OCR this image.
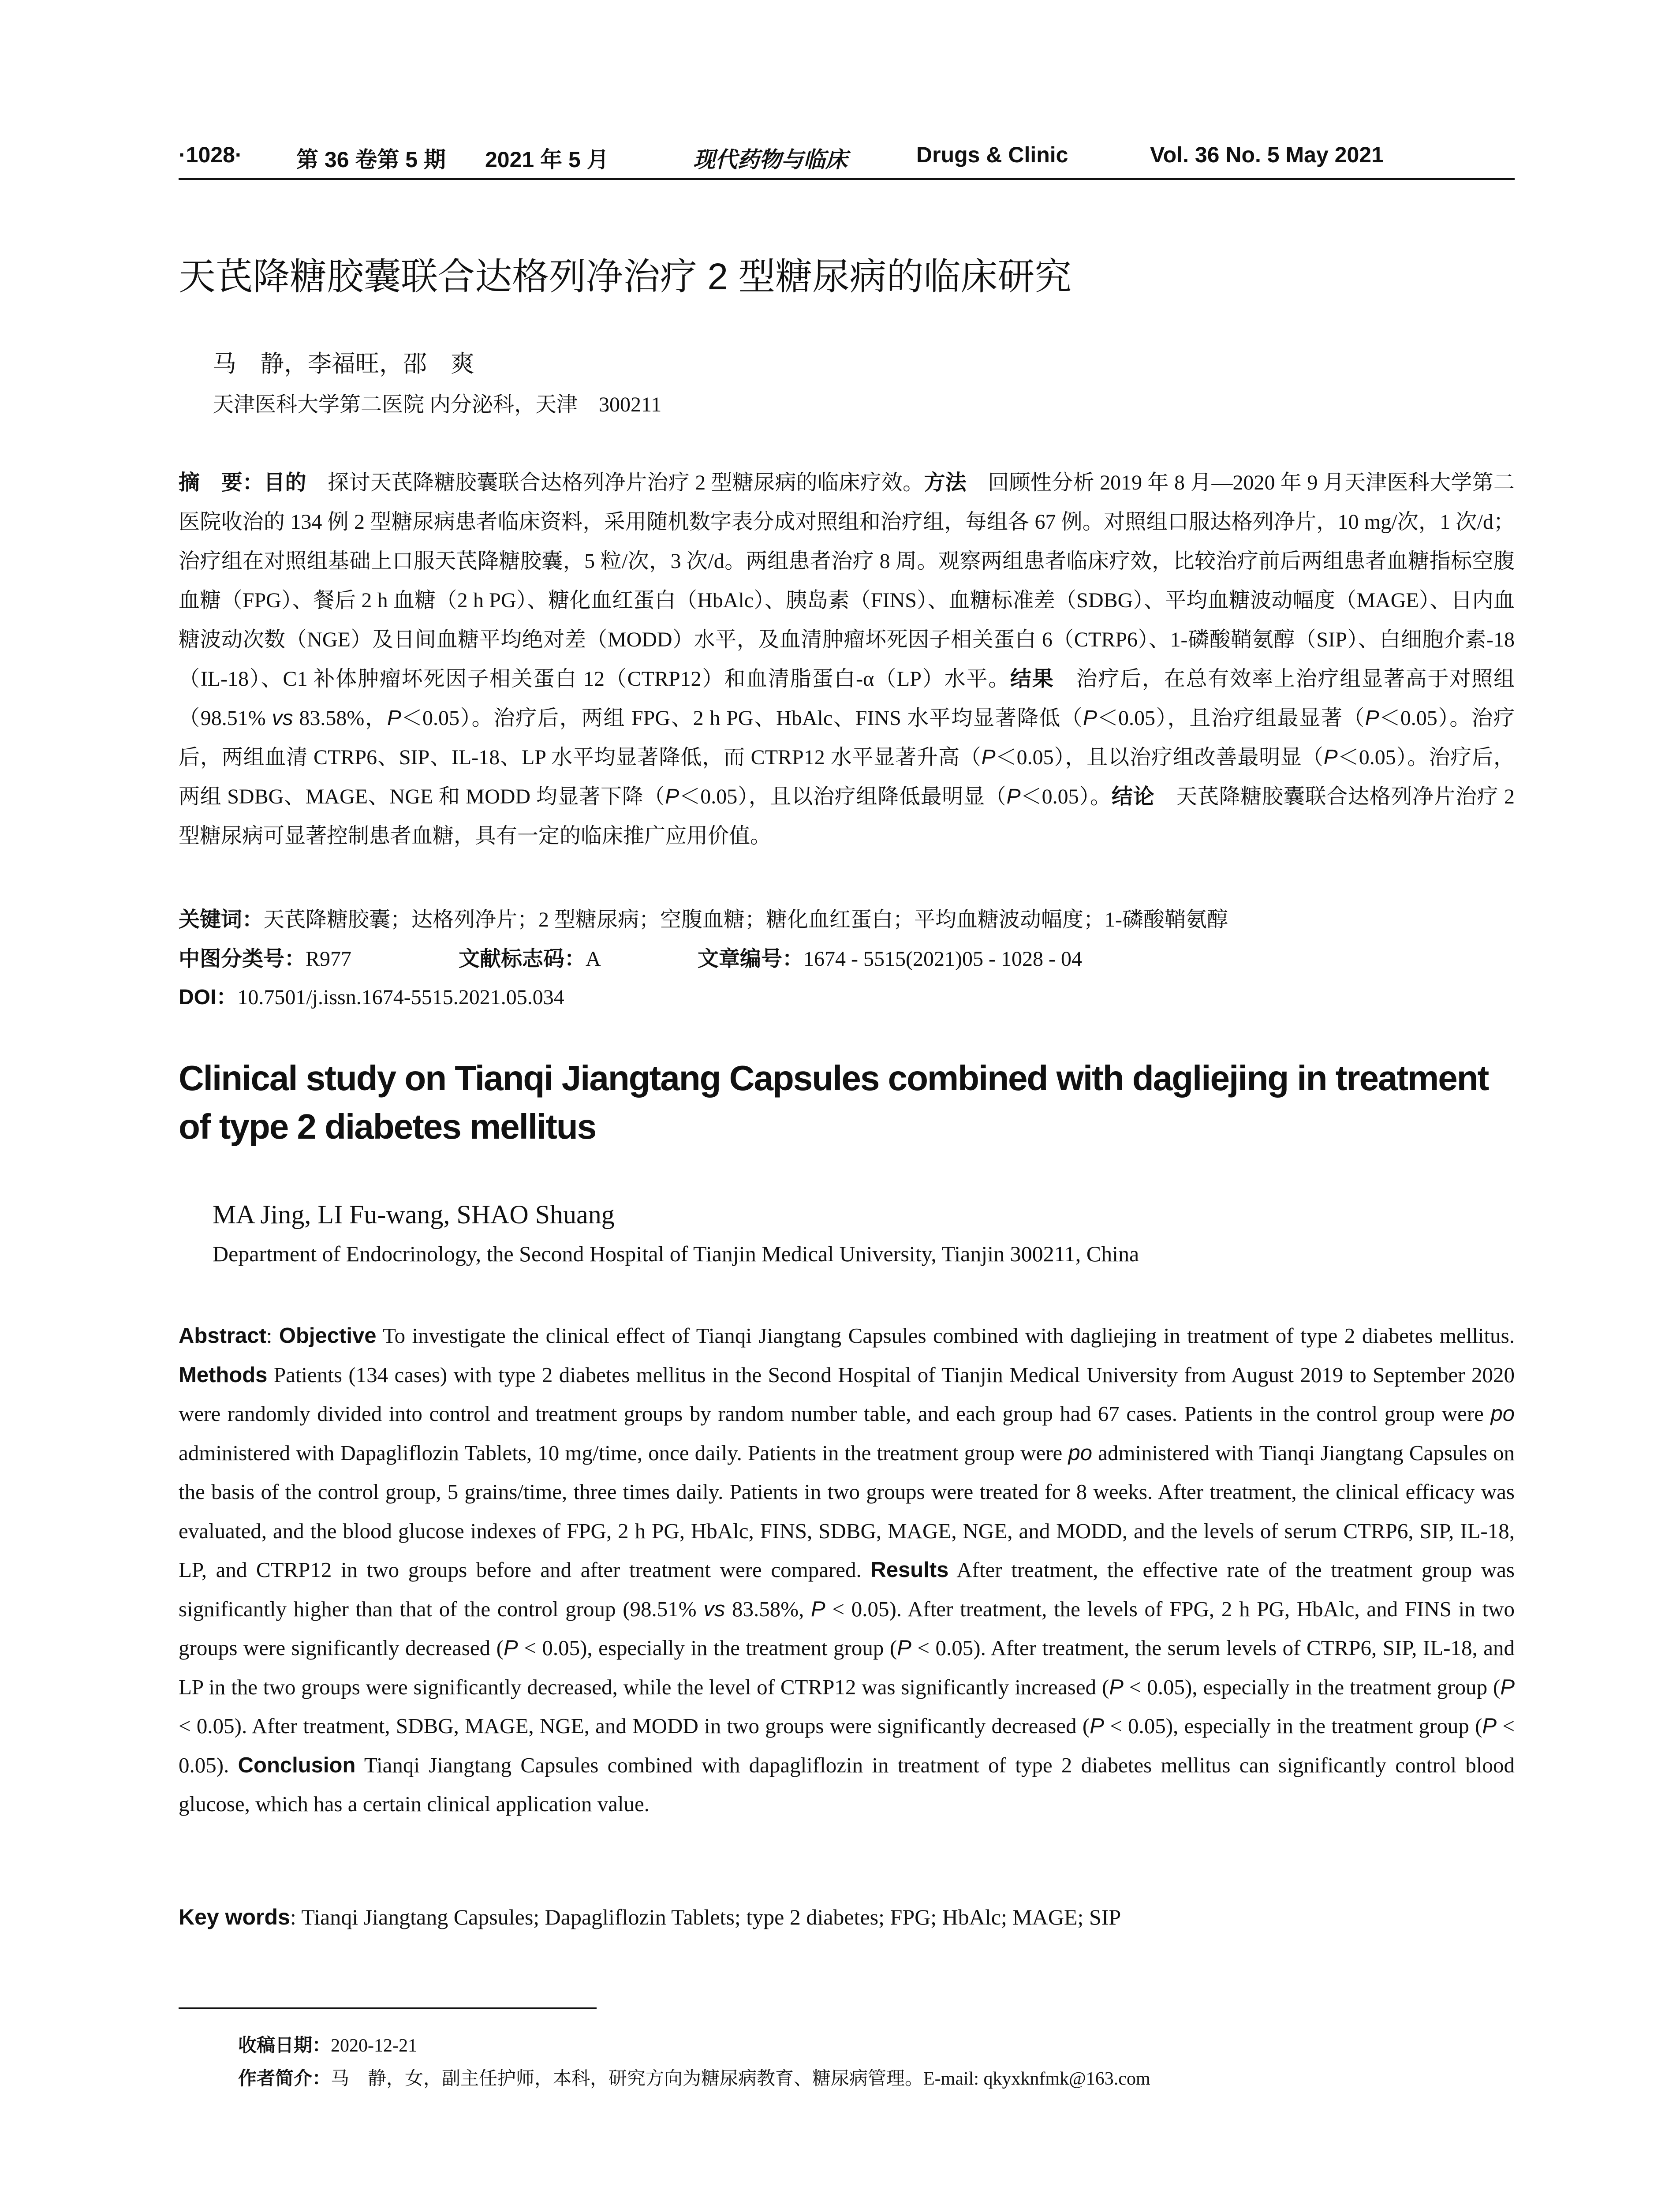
·1028· 第 36 卷第 5 期 2021 年 5 月	现代药物与临床	Drugs & Clinic	Vol. 36 No. 5 May 2021
天芪降糖胶囊联合达格列净治疗 2 型糖尿病的临床研究
马　静，李福旺，邵　爽
天津医科大学第二医院 内分泌科，天津　300211
摘　要：目的　探讨天芪降糖胶囊联合达格列净片治疗 2 型糖尿病的临床疗效。方法　回顾性分析 2019 年 8 月—2020 年 9 月天津医科大学第二医院收治的 134 例 2 型糖尿病患者临床资料，采用随机数字表分成对照组和治疗组，每组各 67 例。对照组口服达格列净片，10 mg/次，1 次/d；治疗组在对照组基础上口服天芪降糖胶囊，5 粒/次，3 次/d。两组患者治疗 8 周。观察两组患者临床疗效，比较治疗前后两组患者血糖指标空腹血糖（FPG）、餐后 2 h 血糖（2 h PG）、糖化血红蛋白（HbAlc）、胰岛素（FINS）、血糖标准差（SDBG）、平均血糖波动幅度（MAGE）、日内血糖波动次数（NGE）及日间血糖平均绝对差（MODD）水平，及血清肿瘤坏死因子相关蛋白 6（CTRP6）、1-磷酸鞘氨醇（SIP）、白细胞介素-18（IL-18）、C1 补体肿瘤坏死因子相关蛋白 12（CTRP12）和血清脂蛋白-α（LP）水平。结果　治疗后，在总有效率上治疗组显著高于对照组（98.51% vs 83.58%，P＜0.05）。治疗后，两组 FPG、2 h PG、HbAlc、FINS 水平均显著降低（P＜0.05），且治疗组最显著（P＜0.05）。治疗后，两组血清 CTRP6、SIP、IL-18、LP 水平均显著降低，而 CTRP12 水平显著升高（P＜0.05），且以治疗组改善最明显（P＜0.05）。治疗后，两组 SDBG、MAGE、NGE 和 MODD 均显著下降（P＜0.05），且以治疗组降低最明显（P＜0.05）。结论　天芪降糖胶囊联合达格列净片治疗 2 型糖尿病可显著控制患者血糖，具有一定的临床推广应用价值。
关键词：天芪降糖胶囊；达格列净片；2 型糖尿病；空腹血糖；糖化血红蛋白；平均血糖波动幅度；1-磷酸鞘氨醇
中图分类号：R977	文献标志码：A	文章编号：1674 - 5515(2021)05 - 1028 - 04
DOI：10.7501/j.issn.1674-5515.2021.05.034
Clinical study on Tianqi Jiangtang Capsules combined with dagliejing in treatment of type 2 diabetes mellitus
MA Jing, LI Fu-wang, SHAO Shuang
Department of Endocrinology, the Second Hospital of Tianjin Medical University, Tianjin 300211, China
Abstract: Objective To investigate the clinical effect of Tianqi Jiangtang Capsules combined with dagliejing in treatment of type 2 diabetes mellitus. Methods Patients (134 cases) with type 2 diabetes mellitus in the Second Hospital of Tianjin Medical University from August 2019 to September 2020 were randomly divided into control and treatment groups by random number table, and each group had 67 cases. Patients in the control group were po administered with Dapagliflozin Tablets, 10 mg/time, once daily. Patients in the treatment group were po administered with Tianqi Jiangtang Capsules on the basis of the control group, 5 grains/time, three times daily. Patients in two groups were treated for 8 weeks. After treatment, the clinical efficacy was evaluated, and the blood glucose indexes of FPG, 2 h PG, HbAlc, FINS, SDBG, MAGE, NGE, and MODD, and the levels of serum CTRP6, SIP, IL-18, LP, and CTRP12 in two groups before and after treatment were compared. Results After treatment, the effective rate of the treatment group was significantly higher than that of the control group (98.51% vs 83.58%, P < 0.05). After treatment, the levels of FPG, 2 h PG, HbAlc, and FINS in two groups were significantly decreased (P < 0.05), especially in the treatment group (P < 0.05). After treatment, the serum levels of CTRP6, SIP, IL-18, and LP in the two groups were significantly decreased, while the level of CTRP12 was significantly increased (P < 0.05), especially in the treatment group (P < 0.05). After treatment, SDBG, MAGE, NGE, and MODD in two groups were significantly decreased (P < 0.05), especially in the treatment group (P < 0.05). Conclusion Tianqi Jiangtang Capsules combined with dapagliflozin in treatment of type 2 diabetes mellitus can significantly control blood glucose, which has a certain clinical application value.
Key words: Tianqi Jiangtang Capsules; Dapagliflozin Tablets; type 2 diabetes; FPG; HbAlc; MAGE; SIP
收稿日期：2020-12-21
作者简介：马　静，女，副主任护师，本科，研究方向为糖尿病教育、糖尿病管理。E-mail: qkyxknfmk@163.com
